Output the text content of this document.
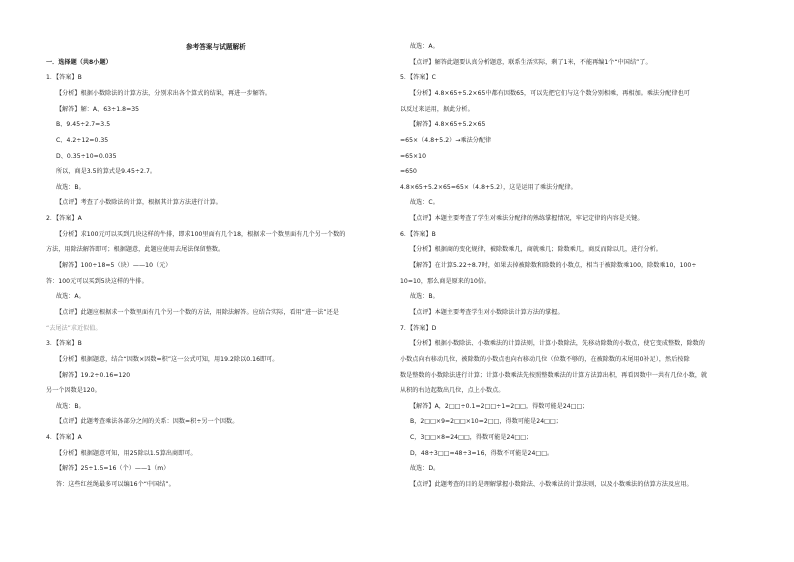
参考答案与试题解析
一．选择题（共8小题）
1．【答案】B
【分析】根据小数除法的计算方法，分别求出各个算式的结果，再进一步解答。
【解答】解：A、63÷1.8=35
B、9.45÷2.7=3.5
C、4.2÷12=0.35
D、0.35÷10=0.035
所以，商是3.5的算式是9.45÷2.7。
故选：B。
【点评】考查了小数除法的计算，根据其计算方法进行计算。
2．【答案】A
【分析】求100元可以买到几块这样的牛排，即求100里面有几个18，根据求一个数里面有几个另一个数的
方法，用除法解答即可；根据题意，此题应使用去尾法保留整数。
【解答】100÷18≈5（块）——10（元）
答：100元可以买到5块这样的牛排。
故选：A。
【点评】此题应根据求一个数里面有几个另一个数的方法，用除法解答。应结合实际，看用“进一法”还是
“去尾法”求近似值。
3．【答案】B
【分析】根据题意，结合“因数×因数=积”这一公式可知，用19.2除以0.16即可。
【解答】19.2÷0.16=120
另一个因数是120。
故选：B。
【点评】此题考查乘法各部分之间的关系：因数=积÷另一个因数。
4．【答案】A
【分析】根据题意可知，用25除以1.5算出商即可。
【解答】25÷1.5=16（个）——1（m）
答：这些红丝绳最多可以编16个“中国结”。
故选：A。
【点评】解答此题要认真分析题意，联系生活实际，剩了1米，不能再编1个“中国结”了。
5．【答案】C
【分析】4.8×65+5.2×65中都有因数65，可以先把它们与这个数分别相乘，再相加。乘法分配律也可
以反过来运用，据此分析。
【解答】4.8×65+5.2×65
=65×（4.8+5.2）→乘法分配律
=65×10
=650
4.8×65+5.2×65=65×（4.8+5.2），这是运用了乘法分配律。
故选：C。
【点评】本题主要考查了学生对乘法分配律的熟练掌握情况，牢记定律的内容是关键。
6．【答案】B
【分析】根据商的变化规律，被除数乘几，商就乘几；除数乘几，商反而除以几，进行分析。
【解答】在计算5.22÷8.7时，如果去掉被除数和除数的小数点，相当于被除数乘100，除数乘10，100÷
10=10，那么商是原来的10倍。
故选：B。
【点评】本题主要考查学生对小数除法计算方法的掌握。
7．【答案】D
【分析】根据小数除法、小数乘法的计算法则，计算小数除法，先移动除数的小数点，使它变成整数，除数的
小数点向右移动几位，被除数的小数点也向右移动几位（位数不够的，在被除数的末尾用0补足），然后按除
数是整数的小数除法进行计算；计算小数乘法先按照整数乘法的计算方法算出积，再看因数中一共有几位小数，就
从积的右边起数出几位，点上小数点。
【解答】A，2□□÷0.1=2□□÷1=2□□，得数可能是24□□；
B，2□□×9=2□□×10=2□□，得数可能是24□□；
C，3□□×8=24□□，得数可能是24□□；
D，48÷3□□≈48÷3=16，得数不可能是24□□。
故选：D。
【点评】此题考查的目的是理解掌握小数除法、小数乘法的计算法则，以及小数乘法的估算方法及应用。
